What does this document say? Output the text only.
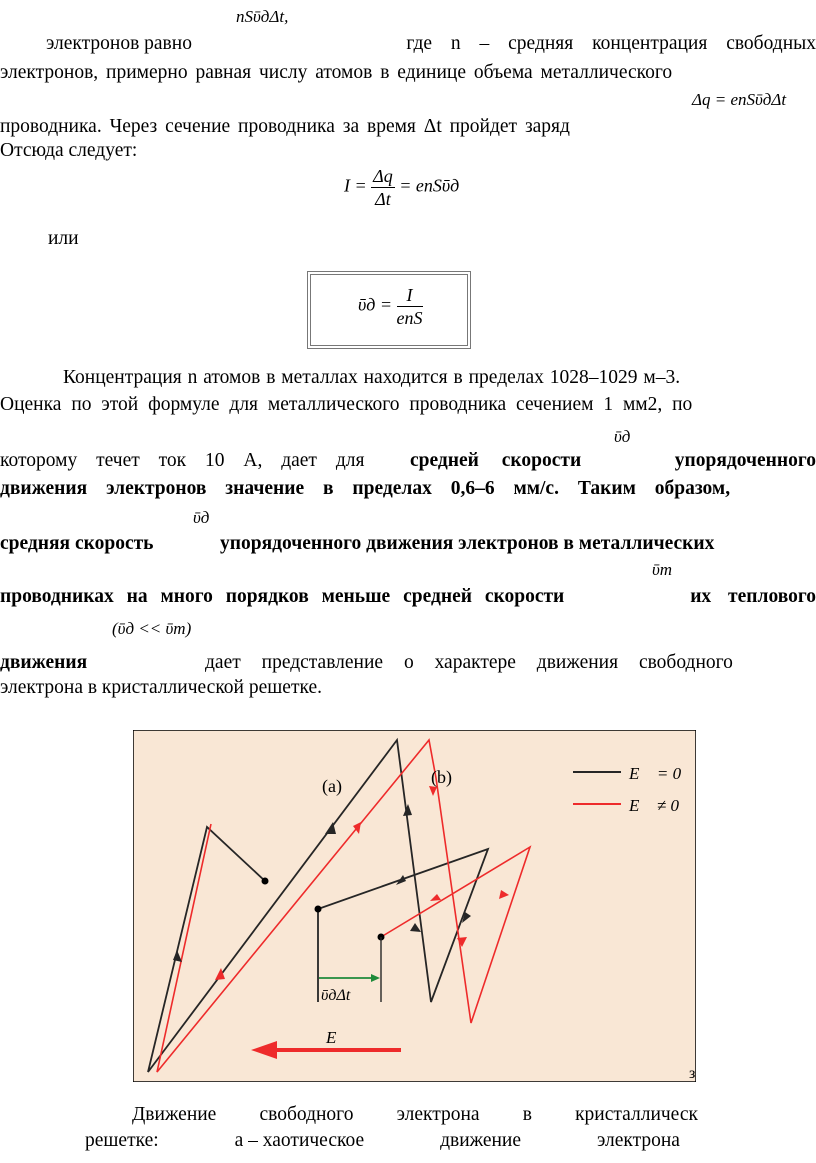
nSῡдΔt,
электронов равно	где n – средняя концентрация свободных
электронов, примерно равная числу атомов в единице объема металлического
Δq = enSῡдΔt
проводника. Через сечение проводника за время Δt пройдет заряд
Отсюда следует:
$I = \frac{\Delta q}{\Delta t}$ = enSῡд
или
ῡд = $\frac{I}{\text{enS}}$
Концентрация n атомов в металлах находится в пределах 1028–1029 м–3.
Оценка по этой формуле для металлического проводника сечением 1 мм2, по
ῡд
которому течет ток 10 А, дает для средней скорости	упорядоченного
движения электронов значение в пределах 0,6–6 мм/с. Таким образом,
ῡд
средняя скорость	упорядоченного движения электронов в металлических
ῡт
проводниках на много порядков меньше средней скорости	их теплового
(ῡд << ῡт)
движения	дает представление о характере движения свободного
электрона в кристаллической решетке.
ῡдΔt
(a)	(b)	E⃗ = 0
E⃗ ≠ 0
E⃗
з
Движение свободного электрона в кристаллическ
решетке:	а – хаотическое	движение	электрона
